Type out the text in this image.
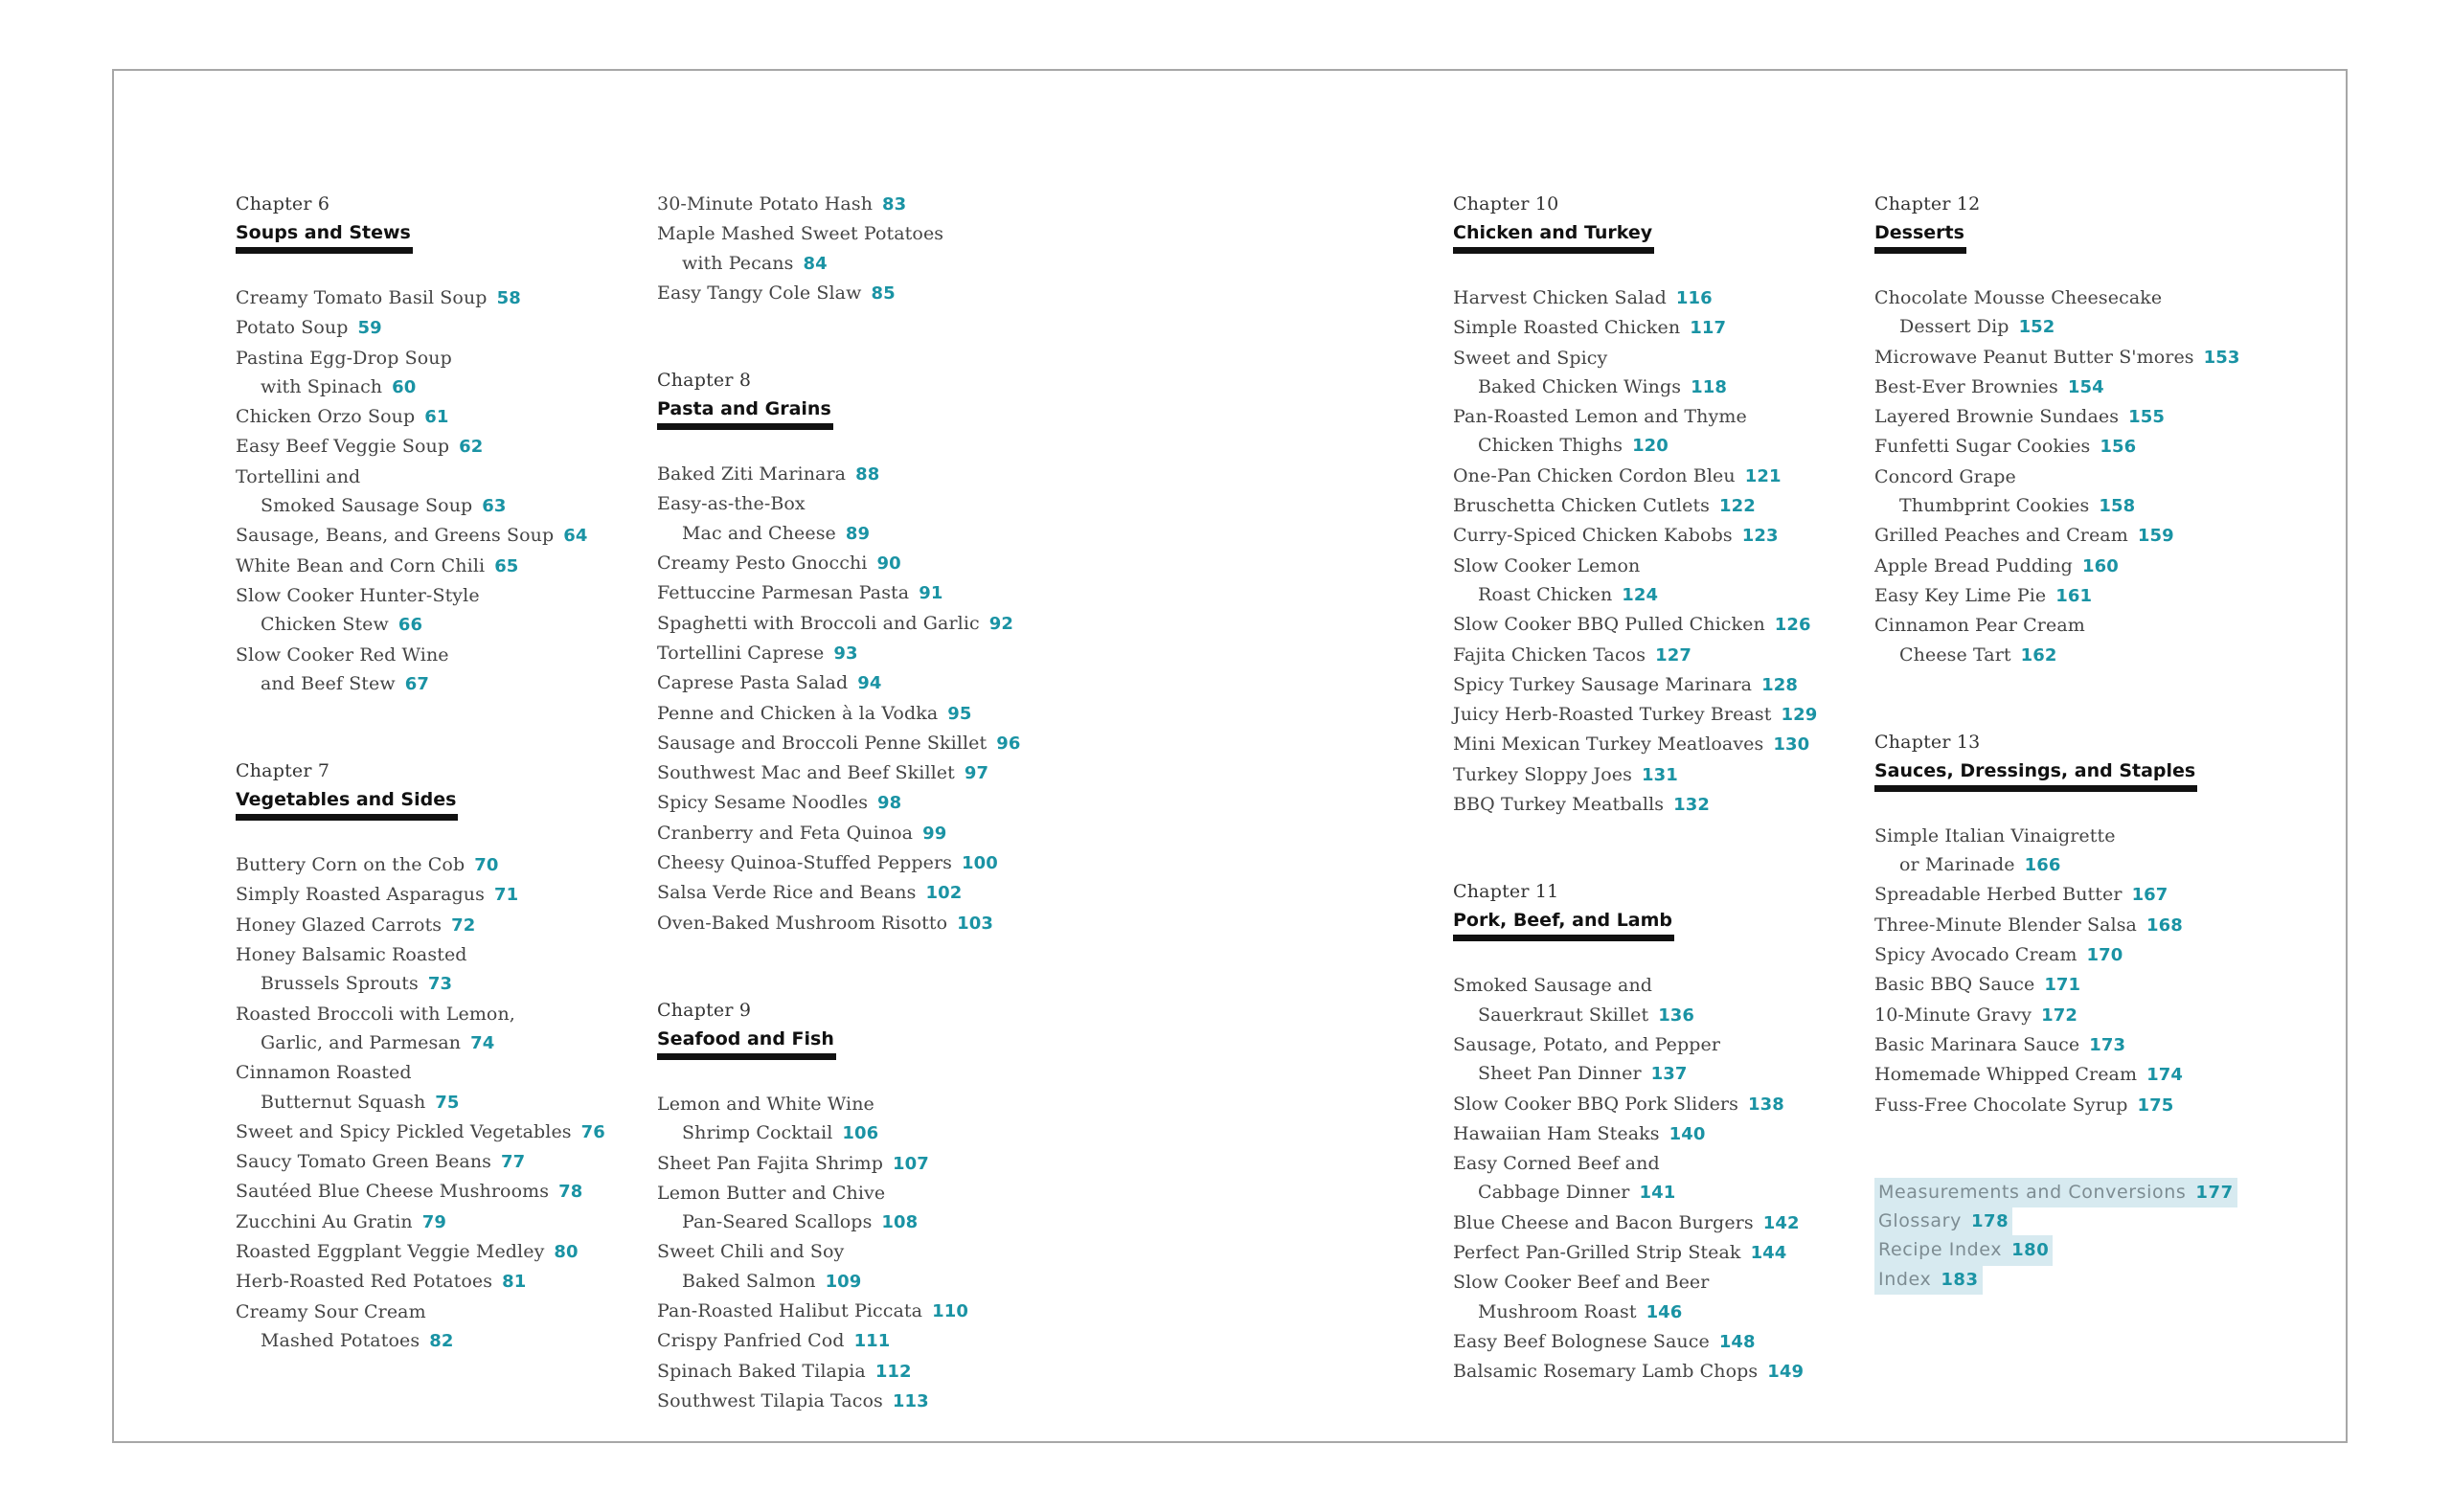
Chapter 6
Soups and Stews
Creamy Tomato Basil Soup 58
Potato Soup 59
Pastina Egg-Drop Soup
with Spinach 60
Chicken Orzo Soup 61
Easy Beef Veggie Soup 62
Tortellini and
Smoked Sausage Soup 63
Sausage, Beans, and Greens Soup 64
White Bean and Corn Chili 65
Slow Cooker Hunter-Style
Chicken Stew 66
Slow Cooker Red Wine
and Beef Stew 67
Chapter 7
Vegetables and Sides
Buttery Corn on the Cob 70
Simply Roasted Asparagus 71
Honey Glazed Carrots 72
Honey Balsamic Roasted
Brussels Sprouts 73
Roasted Broccoli with Lemon,
Garlic, and Parmesan 74
Cinnamon Roasted
Butternut Squash 75
Sweet and Spicy Pickled Vegetables 76
Saucy Tomato Green Beans 77
Sautéed Blue Cheese Mushrooms 78
Zucchini Au Gratin 79
Roasted Eggplant Veggie Medley 80
Herb-Roasted Red Potatoes 81
Creamy Sour Cream
Mashed Potatoes 82
30-Minute Potato Hash 83
Maple Mashed Sweet Potatoes
with Pecans 84
Easy Tangy Cole Slaw 85
Chapter 8
Pasta and Grains
Baked Ziti Marinara 88
Easy-as-the-Box
Mac and Cheese 89
Creamy Pesto Gnocchi 90
Fettuccine Parmesan Pasta 91
Spaghetti with Broccoli and Garlic 92
Tortellini Caprese 93
Caprese Pasta Salad 94
Penne and Chicken à la Vodka 95
Sausage and Broccoli Penne Skillet 96
Southwest Mac and Beef Skillet 97
Spicy Sesame Noodles 98
Cranberry and Feta Quinoa 99
Cheesy Quinoa-Stuffed Peppers 100
Salsa Verde Rice and Beans 102
Oven-Baked Mushroom Risotto 103
Chapter 9
Seafood and Fish
Lemon and White Wine
Shrimp Cocktail 106
Sheet Pan Fajita Shrimp 107
Lemon Butter and Chive
Pan-Seared Scallops 108
Sweet Chili and Soy
Baked Salmon 109
Pan-Roasted Halibut Piccata 110
Crispy Panfried Cod 111
Spinach Baked Tilapia 112
Southwest Tilapia Tacos 113
Chapter 10
Chicken and Turkey
Harvest Chicken Salad 116
Simple Roasted Chicken 117
Sweet and Spicy
Baked Chicken Wings 118
Pan-Roasted Lemon and Thyme
Chicken Thighs 120
One-Pan Chicken Cordon Bleu 121
Bruschetta Chicken Cutlets 122
Curry-Spiced Chicken Kabobs 123
Slow Cooker Lemon
Roast Chicken 124
Slow Cooker BBQ Pulled Chicken 126
Fajita Chicken Tacos 127
Spicy Turkey Sausage Marinara 128
Juicy Herb-Roasted Turkey Breast 129
Mini Mexican Turkey Meatloaves 130
Turkey Sloppy Joes 131
BBQ Turkey Meatballs 132
Chapter 11
Pork, Beef, and Lamb
Smoked Sausage and
Sauerkraut Skillet 136
Sausage, Potato, and Pepper
Sheet Pan Dinner 137
Slow Cooker BBQ Pork Sliders 138
Hawaiian Ham Steaks 140
Easy Corned Beef and
Cabbage Dinner 141
Blue Cheese and Bacon Burgers 142
Perfect Pan-Grilled Strip Steak 144
Slow Cooker Beef and Beer
Mushroom Roast 146
Easy Beef Bolognese Sauce 148
Balsamic Rosemary Lamb Chops 149
Chapter 12
Desserts
Chocolate Mousse Cheesecake
Dessert Dip 152
Microwave Peanut Butter S'mores 153
Best-Ever Brownies 154
Layered Brownie Sundaes 155
Funfetti Sugar Cookies 156
Concord Grape
Thumbprint Cookies 158
Grilled Peaches and Cream 159
Apple Bread Pudding 160
Easy Key Lime Pie 161
Cinnamon Pear Cream
Cheese Tart 162
Chapter 13
Sauces, Dressings, and Staples
Simple Italian Vinaigrette
or Marinade 166
Spreadable Herbed Butter 167
Three-Minute Blender Salsa 168
Spicy Avocado Cream 170
Basic BBQ Sauce 171
10-Minute Gravy 172
Basic Marinara Sauce 173
Homemade Whipped Cream 174
Fuss-Free Chocolate Syrup 175
Measurements and Conversions 177
Glossary 178
Recipe Index 180
Index 183
